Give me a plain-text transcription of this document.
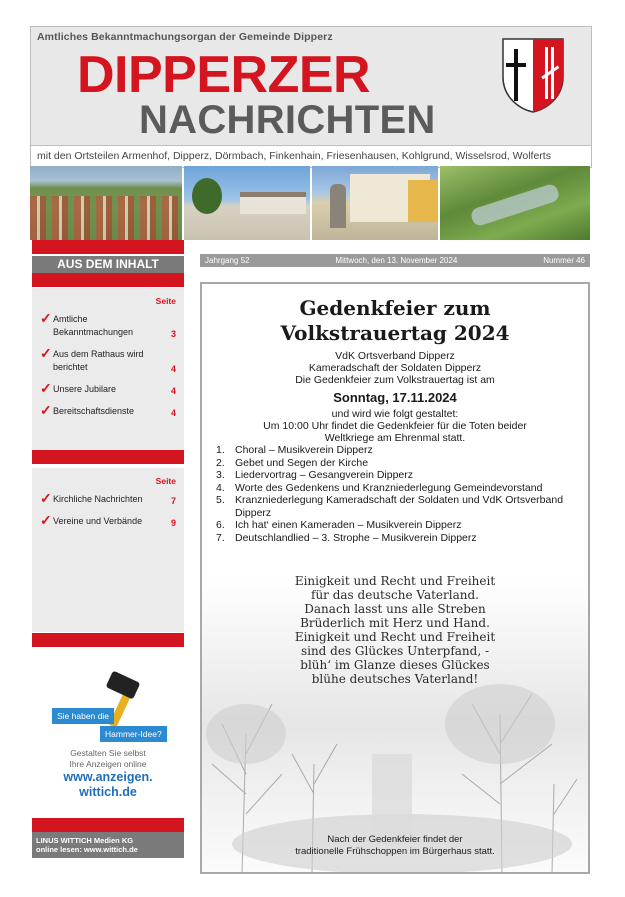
Amtliches Bekanntmachungsorgan der Gemeinde Dipperz
DIPPERZER
NACHRICHTEN
mit den Ortsteilen Armenhof, Dipperz, Dörmbach, Finkenhain, Friesenhausen, Kohlgrund, Wisselsrod, Wolferts
AUS DEM INHALT
Seite
✓ Amtliche Bekanntmachungen	3
✓ Aus dem Rathaus wird berichtet	4
✓ Unsere Jubilare	4
✓ Bereitschaftsdienste	4
Seite
✓ Kirchliche Nachrichten	7
✓ Vereine und Verbände	9
Sie haben die
Hammer-Idee?
Gestalten Sie selbst
Ihre Anzeigen online
www.anzeigen.
wittich.de
LINUS WITTICH Medien KG
online lesen: www.wittich.de
Jahrgang 52	Mittwoch, den 13. November 2024	Nummer 46
Gedenkfeier zum
Volkstrauertag 2024
VdK Ortsverband Dipperz
Kameradschaft der Soldaten Dipperz
Die Gedenkfeier zum Volkstrauertag ist am
Sonntag, 17.11.2024
und wird wie folgt gestaltet:
Um 10:00 Uhr findet die Gedenkfeier für die Toten beider
Weltkriege am Ehrenmal statt.
1. Choral – Musikverein Dipperz
2. Gebet und Segen der Kirche
3. Liedervortrag – Gesangverein Dipperz
4. Worte des Gedenkens und Kranzniederlegung Gemeindevorstand
5. Kranzniederlegung Kameradschaft der Soldaten und VdK Ortsverband Dipperz
6. Ich hat‘ einen Kameraden – Musikverein Dipperz
7. Deutschlandlied – 3. Strophe – Musikverein Dipperz
Einigkeit und Recht und Freiheit
für das deutsche Vaterland.
Danach lasst uns alle Streben
Brüderlich mit Herz und Hand.
Einigkeit und Recht und Freiheit
sind des Glückes Unterpfand, -
blüh‘ im Glanze dieses Glückes
blühe deutsches Vaterland!
Nach der Gedenkfeier findet der
traditionelle Frühschoppen im Bürgerhaus statt.
